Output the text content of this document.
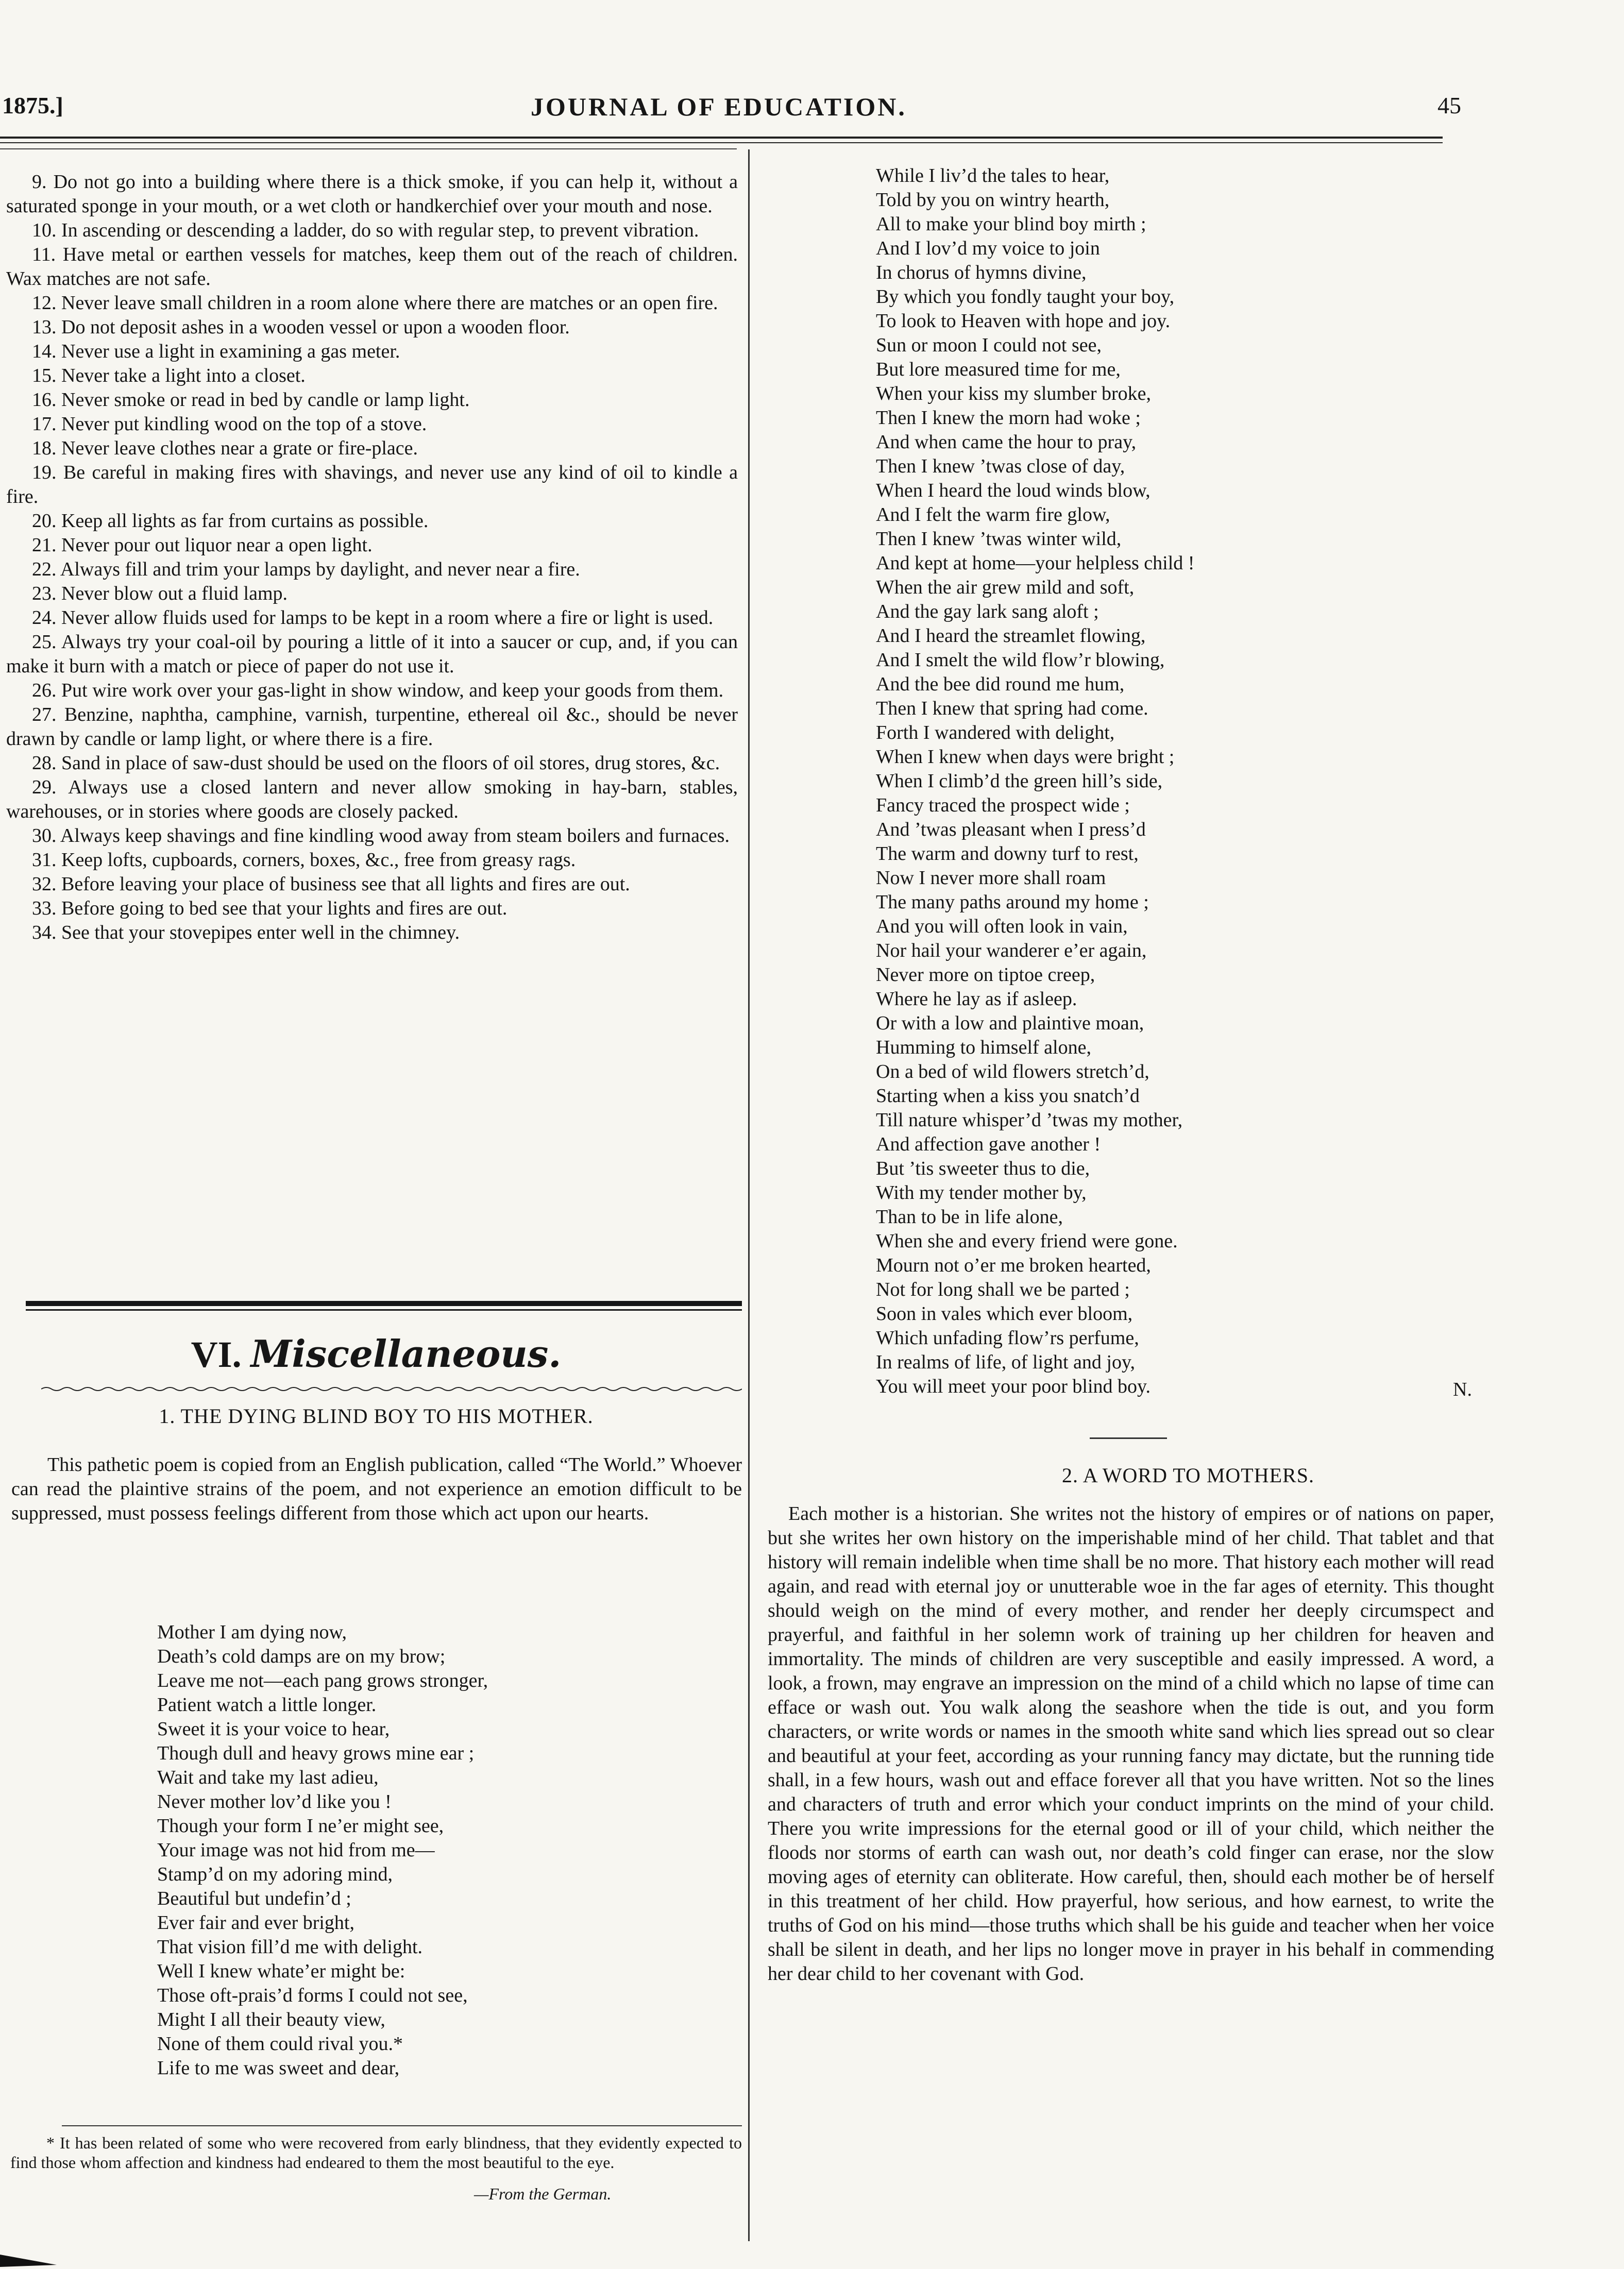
1875.]	JOURNAL OF EDUCATION.	45

9. Do not go into a building where there is a thick smoke, if you can help it, without a saturated sponge in your mouth, or a wet cloth or handkerchief over your mouth and nose.

10. In ascending or descending a ladder, do so with regular step, to prevent vibration.

11. Have metal or earthen vessels for matches, keep them out of the reach of children. Wax matches are not safe.

12. Never leave small children in a room alone where there are matches or an open fire.

13. Do not deposit ashes in a wooden vessel or upon a wooden floor.

14. Never use a light in examining a gas meter.

15. Never take a light into a closet.

16. Never smoke or read in bed by candle or lamp light.

17. Never put kindling wood on the top of a stove.

18. Never leave clothes near a grate or fire-place.

19. Be careful in making fires with shavings, and never use any kind of oil to kindle a fire.

20. Keep all lights as far from curtains as possible.

21. Never pour out liquor near a open light.

22. Always fill and trim your lamps by daylight, and never near a fire.

23. Never blow out a fluid lamp.

24. Never allow fluids used for lamps to be kept in a room where a fire or light is used.

25. Always try your coal-oil by pouring a little of it into a saucer or cup, and, if you can make it burn with a match or piece of paper do not use it.

26. Put wire work over your gas-light in show window, and keep your goods from them.

27. Benzine, naphtha, camphine, varnish, turpentine, ethereal oil &c., should be never drawn by candle or lamp light, or where there is a fire.

28. Sand in place of saw-dust should be used on the floors of oil stores, drug stores, &c.

29. Always use a closed lantern and never allow smoking in hay-barn, stables, warehouses, or in stories where goods are closely packed.

30. Always keep shavings and fine kindling wood away from steam boilers and furnaces.

31. Keep lofts, cupboards, corners, boxes, &c., free from greasy rags.

32. Before leaving your place of business see that all lights and fires are out.

33. Before going to bed see that your lights and fires are out.

34. See that your stovepipes enter well in the chimney.

VI. Miscellaneous.
1. THE DYING BLIND BOY TO HIS MOTHER.

This pathetic poem is copied from an English publication, called “The World.” Whoever can read the plaintive strains of the poem, and not experience an emotion difficult to be suppressed, must possess feelings different from those which act upon our hearts.

Mother I am dying now,

Death’s cold damps are on my brow;

Leave me not—each pang grows stronger,

Patient watch a little longer.

Sweet it is your voice to hear,

Though dull and heavy grows mine ear ;

Wait and take my last adieu,

Never mother lov’d like you !

Though your form I ne’er might see,

Your image was not hid from me—

Stamp’d on my adoring mind,

Beautiful but undefin’d ;

Ever fair and ever bright,

That vision fill’d me with delight.

Well I knew whate’er might be:

Those oft-prais’d forms I could not see,

Might I all their beauty view,

None of them could rival you.*

Life to me was sweet and dear,

* It has been related of some who were recovered from early blindness, that they evidently expected to find those whom affection and kindness had endeared to them the most beautiful to the eye.

—From the German.

While I liv’d the tales to hear,

Told by you on wintry hearth,

All to make your blind boy mirth ;

And I lov’d my voice to join

In chorus of hymns divine,

By which you fondly taught your boy,

To look to Heaven with hope and joy.

Sun or moon I could not see,

But lore measured time for me,

When your kiss my slumber broke,

Then I knew the morn had woke ;

And when came the hour to pray,

Then I knew ’twas close of day,

When I heard the loud winds blow,

And I felt the warm fire glow,

Then I knew ’twas winter wild,

And kept at home—your helpless child !

When the air grew mild and soft,

And the gay lark sang aloft ;

And I heard the streamlet flowing,

And I smelt the wild flow’r blowing,

And the bee did round me hum,

Then I knew that spring had come.

Forth I wandered with delight,

When I knew when days were bright ;

When I climb’d the green hill’s side,

Fancy traced the prospect wide ;

And ’twas pleasant when I press’d

The warm and downy turf to rest,

Now I never more shall roam

The many paths around my home ;

And you will often look in vain,

Nor hail your wanderer e’er again,

Never more on tiptoe creep,

Where he lay as if asleep.

Or with a low and plaintive moan,

Humming to himself alone,

On a bed of wild flowers stretch’d,

Starting when a kiss you snatch’d

Till nature whisper’d ’twas my mother,

And affection gave another !

But ’tis sweeter thus to die,

With my tender mother by,

Than to be in life alone,

When she and every friend were gone.

Mourn not o’er me broken hearted,

Not for long shall we be parted ;

Soon in vales which ever bloom,

Which unfading flow’rs perfume,

In realms of life, of light and joy,

You will meet your poor blind boy.	N.
2. A WORD TO MOTHERS.

Each mother is a historian. She writes not the history of empires or of nations on paper, but she writes her own history on the imperishable mind of her child. That tablet and that history will remain indelible when time shall be no more. That history each mother will read again, and read with eternal joy or unutterable woe in the far ages of eternity. This thought should weigh on the mind of every mother, and render her deeply circumspect and prayerful, and faithful in her solemn work of training up her children for heaven and immortality. The minds of children are very susceptible and easily impressed. A word, a look, a frown, may engrave an impression on the mind of a child which no lapse of time can efface or wash out. You walk along the seashore when the tide is out, and you form characters, or write words or names in the smooth white sand which lies spread out so clear and beautiful at your feet, according as your running fancy may dictate, but the running tide shall, in a few hours, wash out and efface forever all that you have written. Not so the lines and characters of truth and error which your conduct imprints on the mind of your child. There you write impressions for the eternal good or ill of your child, which neither the floods nor storms of earth can wash out, nor death’s cold finger can erase, nor the slow moving ages of eternity can obliterate. How careful, then, should each mother be of herself in this treatment of her child. How prayerful, how serious, and how earnest, to write the truths of God on his mind—those truths which shall be his guide and teacher when her voice shall be silent in death, and her lips no longer move in prayer in his behalf in commending her dear child to her covenant with God.
